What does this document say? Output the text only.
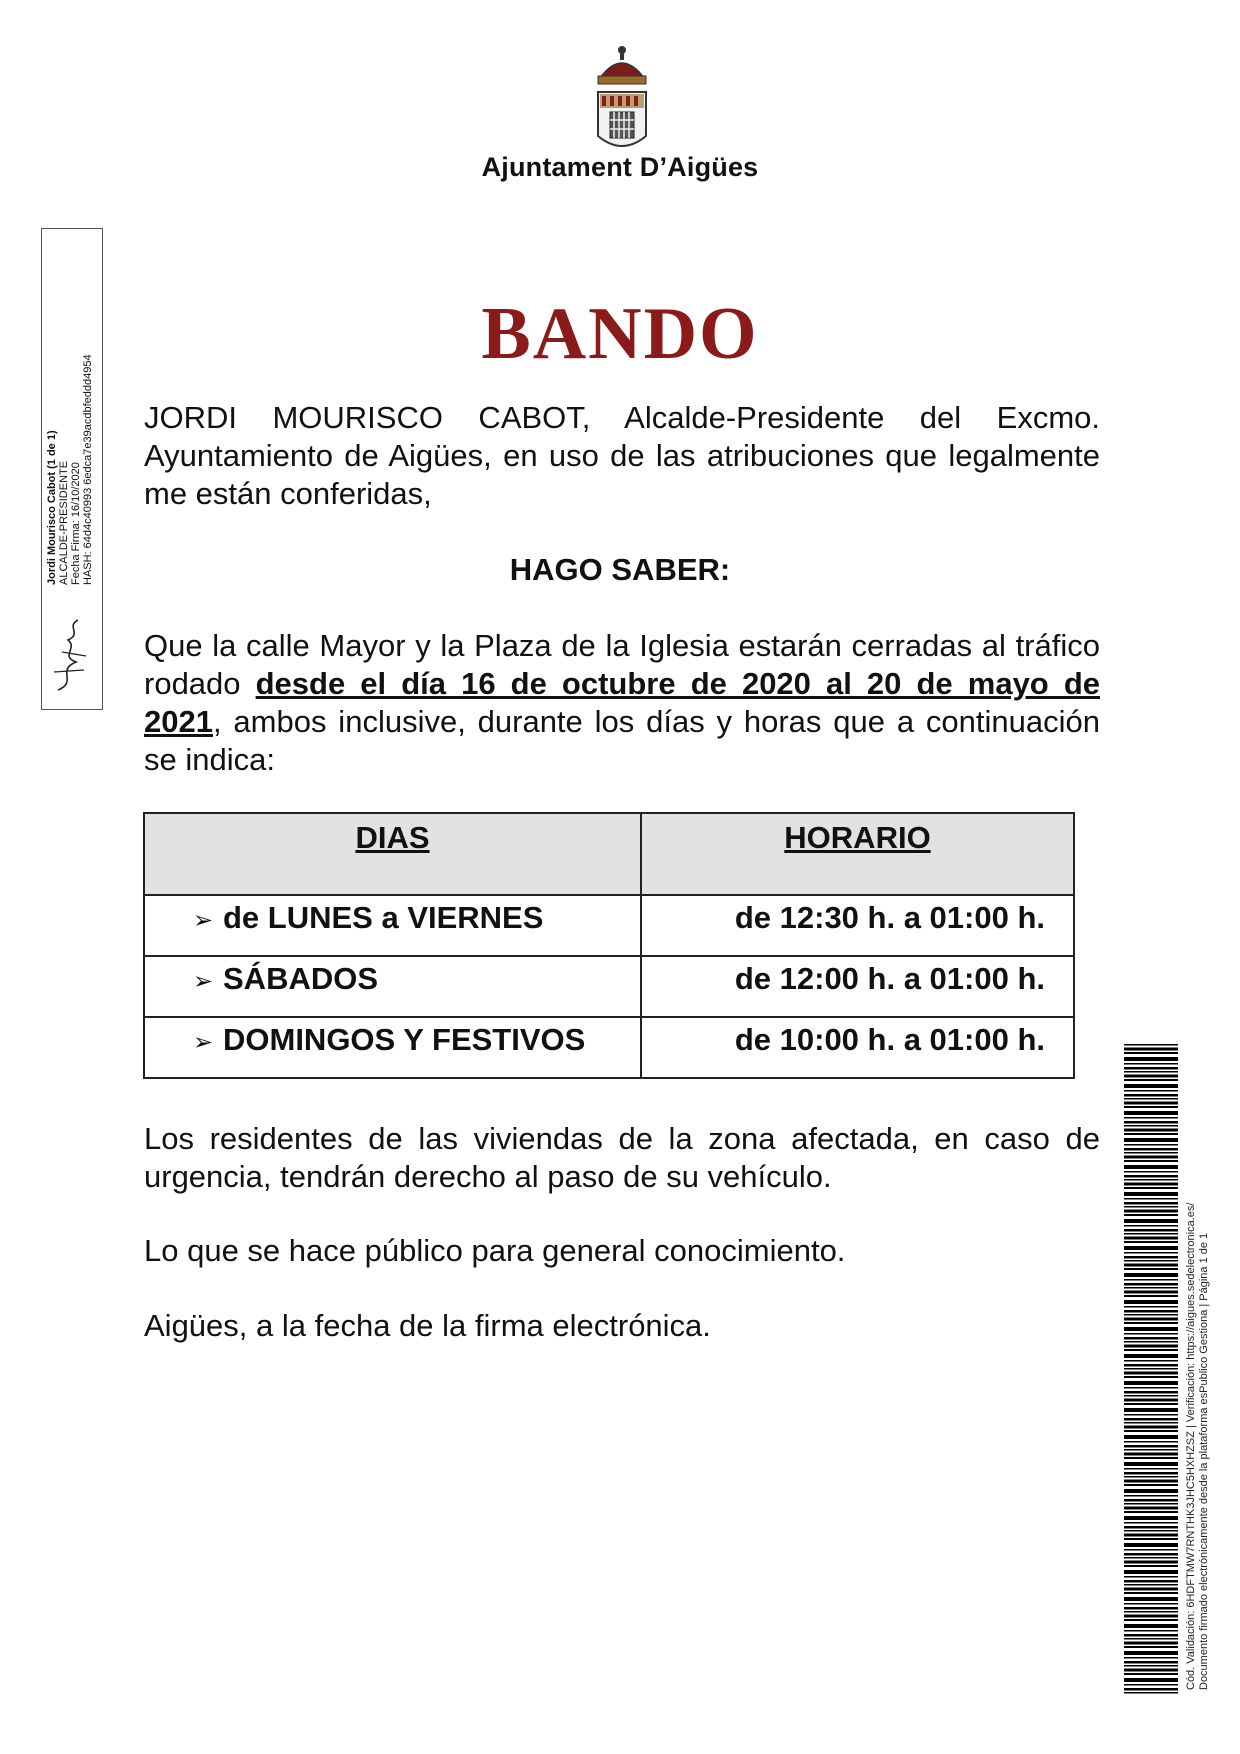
Ajuntament D’Aigües
BANDO
JORDI MOURISCO CABOT, Alcalde-Presidente del Excmo. Ayuntamiento de Aigües, en uso de las atribuciones que legalmente me están conferidas,
HAGO SABER:
Que la calle Mayor y la Plaza de la Iglesia estarán cerradas al tráfico rodado desde el día 16 de octubre de 2020 al 20 de mayo de 2021, ambos inclusive, durante los días y horas que a continuación se indica:
DIAS	HORARIO
➢ de LUNES a VIERNES	de 12:30 h. a 01:00 h.
➢ SÁBADOS	de 12:00 h. a 01:00 h.
➢ DOMINGOS Y FESTIVOS	de 10:00 h. a 01:00 h.
Los residentes de las viviendas de la zona afectada, en caso de urgencia, tendrán derecho al paso de su vehículo.
Lo que se hace público para general conocimiento.
Aigües, a la fecha de la firma electrónica.
Jordi Mourisco Cabot (1 de 1) ALCALDE-PRESIDENTE Fecha Firma: 16/10/2020 HASH: 64d4c40993 6edca7e39acdbfeddd4954
Cód. Validación: 6HDFTMW7RNTHK3JHC5HXHZSZ | Verificación: https://aigues.sedelectronica.es/ Documento firmado electrónicamente desde la plataforma esPublico Gestiona | Página 1 de 1
